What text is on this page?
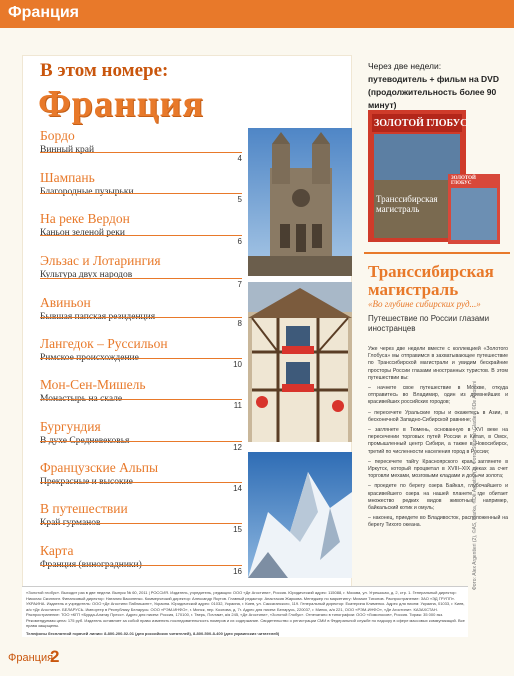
Франция
В этом номере:
Франция
Бордо
Винный край
4
Шампань
Благородные пузырьки
5
На реке Вердон
Каньон зеленой реки
6
Эльзас и Лотарингия
Культура двух народов
7
Авиньон
Бывшая папская резиденция
8
Лангедок – Руссильон
Римское происхождение
10
Мон-Сен-Мишель
Монастырь на скале
11
Бургундия
В духе Средневековья
12
Французские Альпы
Прекрасные и высокие
14
В путешествии
Край гурманов
15
Карта
Франция (виноградники)
16
Через две недели:
путеводитель + фильм на DVD
(продолжительность более 90 минут)
ЗОЛОТОЙ ГЛОБУС
Транссибирская магистраль
ЗОЛОТОЙ ГЛОБУС
Транссибирская магистраль
«Во глубине сибирских руд...»
Путешествие по России глазами иностранцев

Уже через две недели вместе с коллекцией «Золотого Глобуса» мы отправимся в захватывающее путешествие по Транссибирской магистрали и увидим бескрайние просторы России глазами иностранных туристов. В этом путешествии вы:

– начнете свое путешествие в Москве, откуда отправитесь во Владимир, один из древнейших и красивейших российских городов;

– пересечете Уральские горы и окажетесь в Азии, в бесконечной Западно-Сибирской равнине;

– заглянете в Тюмень, основанную в XVI веке на пересечении торговых путей России и Китая, в Омск, промышленный центр Сибири, а также в Новосибирск, третий по численности населения город в России;

– пересечете тайгу Красноярского края, заглянете в Иркутск, который процветал в XVIII–XIX веках за счет торговли мехами, мозговыми кладами и добычи золота;

– проедете по берегу озера Байкал, глубочайшего и красивейшего озера на нашей планете, где обитает множество редких видов животных, например, байкальский котик и омуль;

– наконец, приедете во Владивосток, расположенный на берегу Тихого океана.	Фото: Alex Argentieri (2), ©AS, Marka, ©De Agostini (2), Фото: Stephan Gladieu, ©De Agostini
«Золотой глобус». Выходит раз в две недели. Выпуск № 60, 2011 | РОССИЯ. Издатель, учредитель, редакция: ООО «Де Агостини», Россия. Юридический адрес: 115088, г. Москва, ул. Угрешская, д. 2, стр. 1. Генеральный директор: Николас Скиллинг. Финансовый директор: Наталия Василенко. Коммерческий директор: Александр Якутов. Главный редактор: Анастасия Жаркова. Менеджер по маркетингу: Михаил Тихонов. Распространение: ЗАО «ЭД ГРУПП». УКРАИНА. Издатель и учредитель: ООО «Де Агостини Паблишинг», Украина. Юридический адрес: 01032, Украина, г. Киев, ул. Саксаганского, 119. Генеральный директор: Екатерина Клименко. Адрес для писем: Украина, 01033, г. Киев, а/я «Де Агостини». БЕЛАРУСЬ. Импортер в Республику Беларусь: ООО «РЭМ-ИНФО», г. Минск, пер. Козлова, д. 7г. Адрес для писем: Беларусь, 220037, г. Минск, а/я 221, ООО «РЭМ-ИНФО», «Де Агостини». КАЗАХСТАН. Распространение: ТОО «КГП «Бурда-Алатау Пресс». Адрес для писем: Россия, 170100, г. Тверь, Почтамт, а/я 245, «Де Агостини», «Золотой Глобус». Отпечатано в типографии: ООО «Ломоносов», Россия. Тираж: 35 000 экз. Рекомендуемая цена: 175 руб. Издатель оставляет за собой право изменять последовательность номеров и их содержание. Свидетельство о регистрации СМИ в Федеральной службе по надзору в сфере массовых коммуникаций. Все права защищены.
Телефоны бесплатной горячей линии: 8-800-200-02-01 (для российских читателей), 8-800-500-8-400 (для украинских читателей)
Франция
2
